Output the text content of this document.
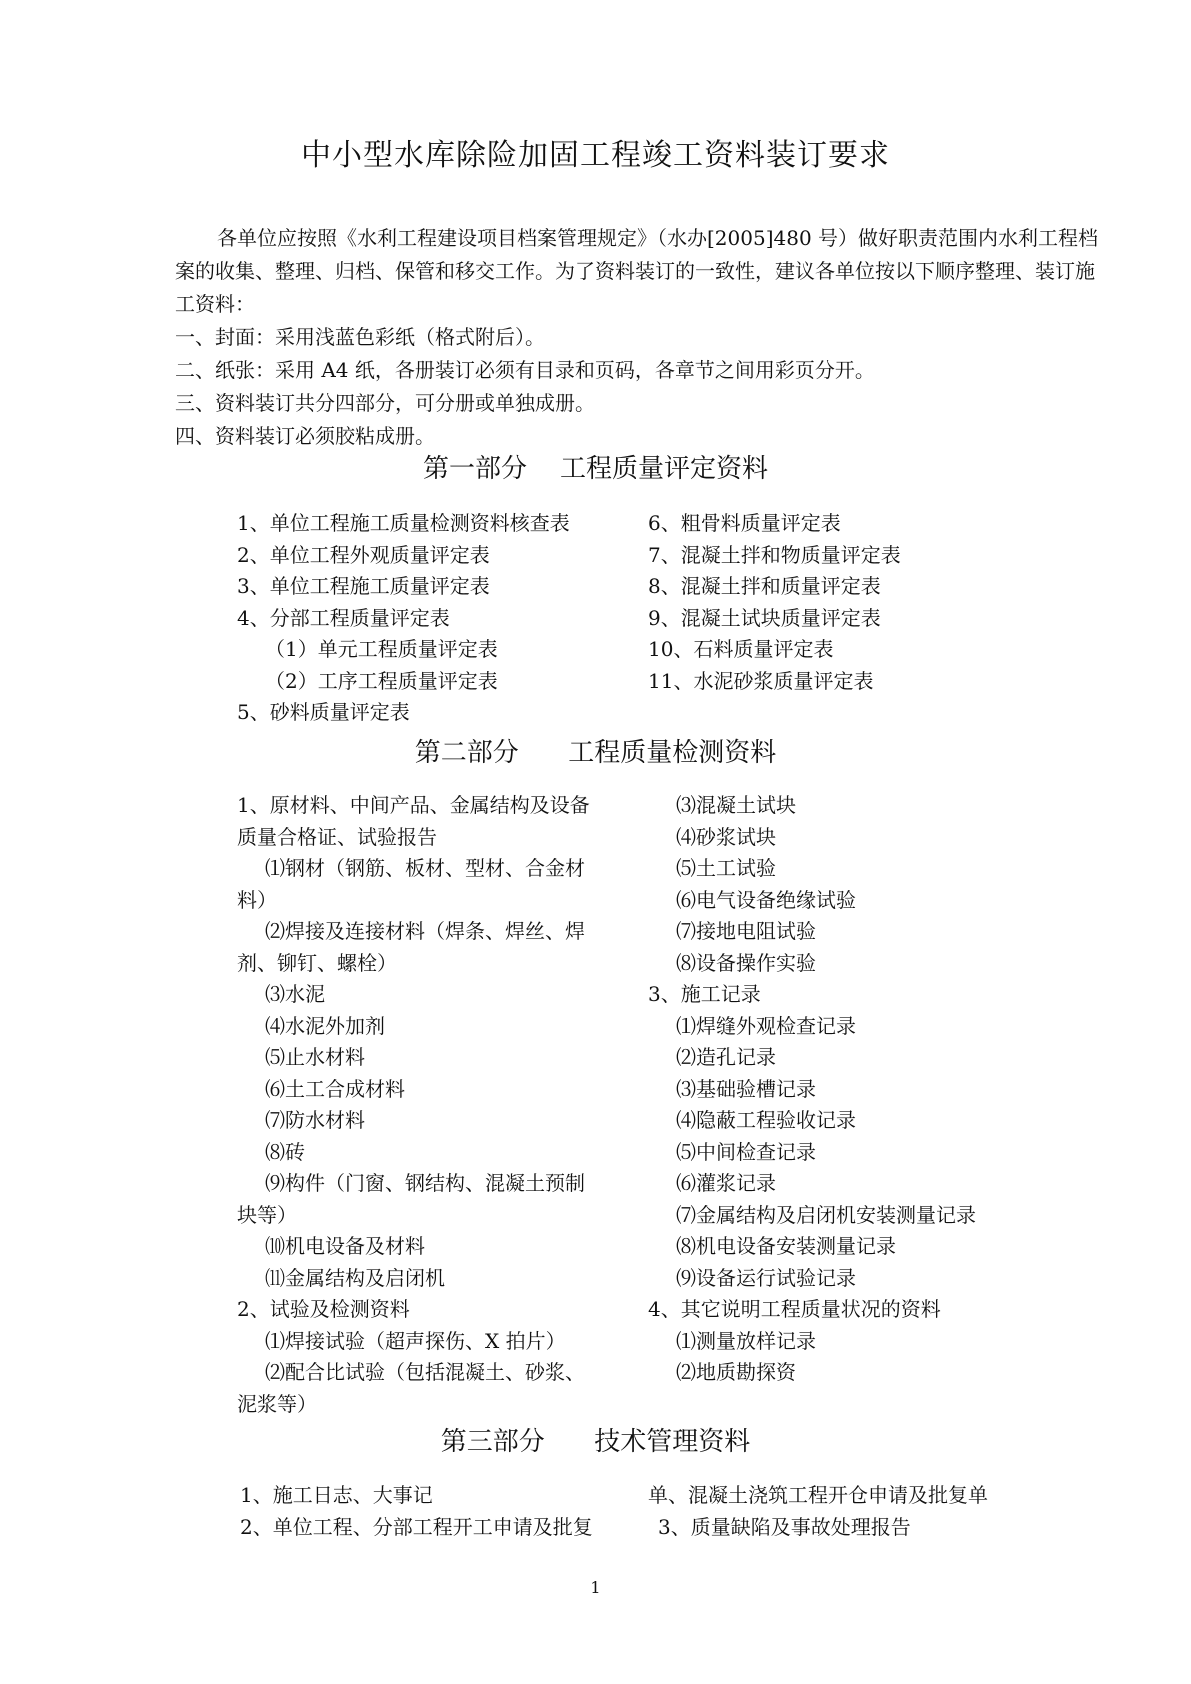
中小型水库除险加固工程竣工资料装订要求

各单位应按照《水利工程建设项目档案管理规定》（水办[2005]480 号）做好职责范围内水利工程档案的收集、整理、归档、保管和移交工作。为了资料装订的一致性，建议各单位按以下顺序整理、装订施工资料：

一、封面：采用浅蓝色彩纸（格式附后）。

二、纸张：采用 A4 纸，各册装订必须有目录和页码，各章节之间用彩页分开。

三、资料装订共分四部分，可分册或单独成册。

四、资料装订必须胶粘成册。

第一部分 工程质量评定资料
1、单位工程施工质量检测资料核查表
2、单位工程外观质量评定表
3、单位工程施工质量评定表
4、分部工程质量评定表
（1）单元工程质量评定表
（2）工序工程质量评定表
5、砂料质量评定表
6、粗骨料质量评定表
7、混凝土拌和物质量评定表
8、混凝土拌和质量评定表
9、混凝土试块质量评定表
10、石料质量评定表
11、水泥砂浆质量评定表
第二部分 工程质量检测资料
1、原材料、中间产品、金属结构及设备
质量合格证、试验报告
⑴钢材（钢筋、板材、型材、合金材
料）
⑵焊接及连接材料（焊条、焊丝、焊
剂、铆钉、螺栓）
⑶水泥
⑷水泥外加剂
⑸止水材料
⑹土工合成材料
⑺防水材料
⑻砖
⑼构件（门窗、钢结构、混凝土预制
块等）
⑽机电设备及材料
⑾金属结构及启闭机
2、试验及检测资料
⑴焊接试验（超声探伤、X 拍片）
⑵配合比试验（包括混凝土、砂浆、
泥浆等）
⑶混凝土试块
⑷砂浆试块
⑸土工试验
⑹电气设备绝缘试验
⑺接地电阻试验
⑻设备操作实验
3、施工记录
⑴焊缝外观检查记录
⑵造孔记录
⑶基础验槽记录
⑷隐蔽工程验收记录
⑸中间检查记录
⑹灌浆记录
⑺金属结构及启闭机安装测量记录
⑻机电设备安装测量记录
⑼设备运行试验记录
4、其它说明工程质量状况的资料
⑴测量放样记录
⑵地质勘探资
第三部分 技术管理资料
1、施工日志、大事记
2、单位工程、分部工程开工申请及批复
单、混凝土浇筑工程开仓申请及批复单
3、质量缺陷及事故处理报告
1
